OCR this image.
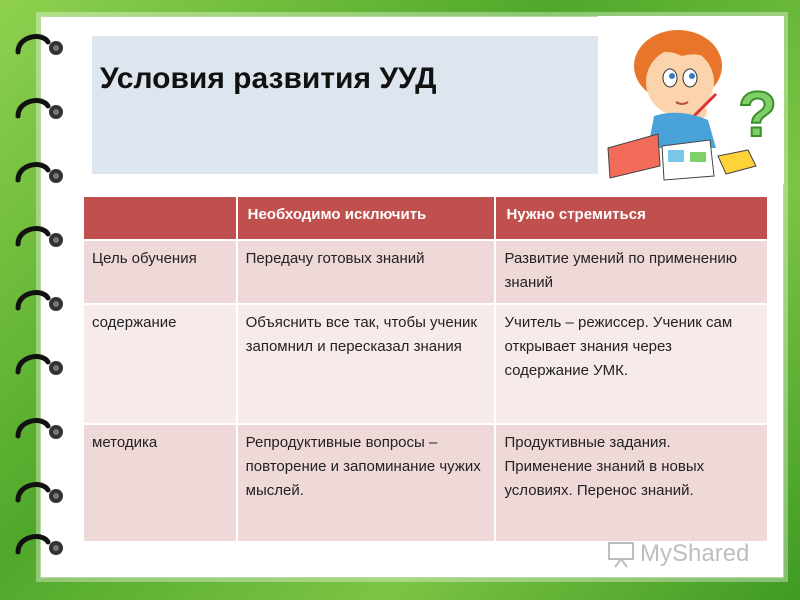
Условия развития УУД	?
	Необходимо исключить	Нужно стремиться
Цель обучения	Передачу готовых знаний	Развитие умений по применению знаний
содержание	Объяснить все так, чтобы ученик запомнил и пересказал знания	Учитель – режиссер. Ученик сам открывает знания через содержание УМК.
методика	Репродуктивные вопросы – повторение и запоминание чужих мыслей.	Продуктивные задания. Применение знаний в новых условиях. Перенос знаний.
MyShared
